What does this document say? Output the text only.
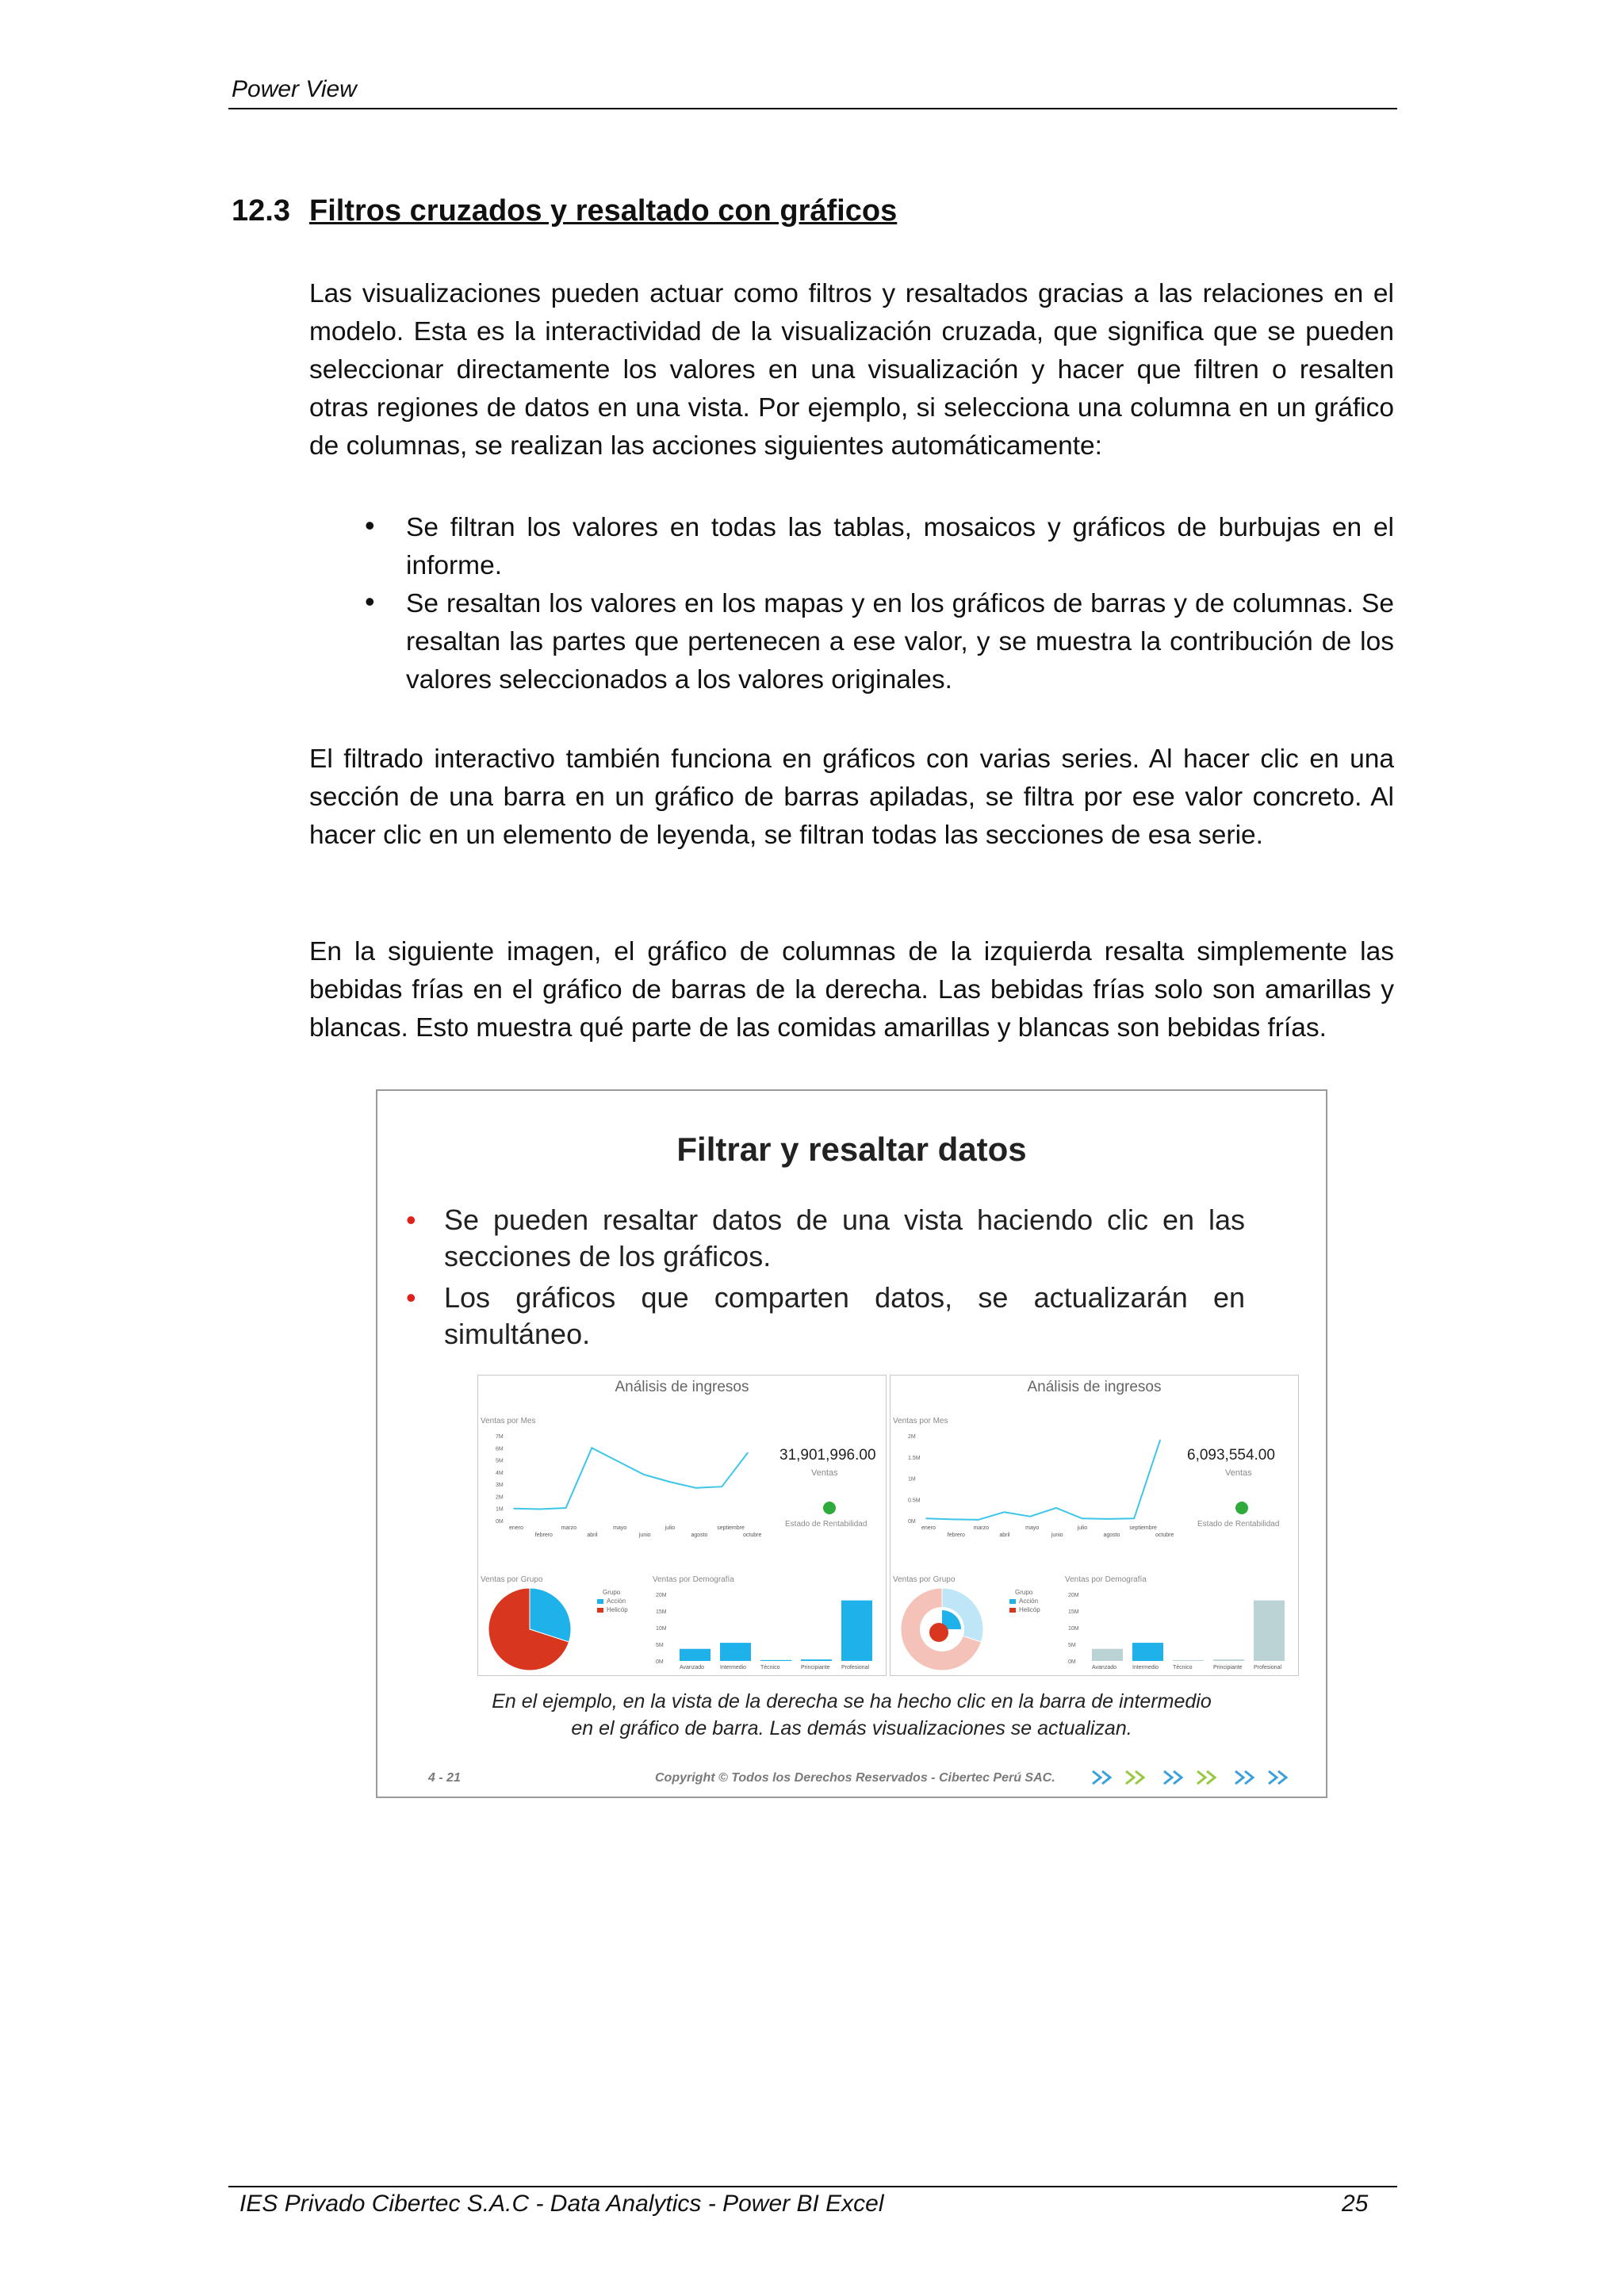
Power View
12.3 Filtros cruzados y resaltado con gráficos
Las visualizaciones pueden actuar como filtros y resaltados gracias a las relaciones en el modelo. Esta es la interactividad de la visualización cruzada, que significa que se pueden seleccionar directamente los valores en una visualización y hacer que filtren o resalten otras regiones de datos en una vista. Por ejemplo, si selecciona una columna en un gráfico de columnas, se realizan las acciones siguientes automáticamente:
• Se filtran los valores en todas las tablas, mosaicos y gráficos de burbujas en el informe.
• Se resaltan los valores en los mapas y en los gráficos de barras y de columnas. Se resaltan las partes que pertenecen a ese valor, y se muestra la contribución de los valores seleccionados a los valores originales.
El filtrado interactivo también funciona en gráficos con varias series. Al hacer clic en una sección de una barra en un gráfico de barras apiladas, se filtra por ese valor concreto. Al hacer clic en un elemento de leyenda, se filtran todas las secciones de esa serie.
En la siguiente imagen, el gráfico de columnas de la izquierda resalta simplemente las bebidas frías en el gráfico de barras de la derecha. Las bebidas frías solo son amarillas y blancas. Esto muestra qué parte de las comidas amarillas y blancas son bebidas frías.
Filtrar y resaltar datos
• Se pueden resaltar datos de una vista haciendo clic en las secciones de los gráficos.
• Los gráficos que comparten datos, se actualizarán en simultáneo.
Análisis de ingresos
Ventas por Mes
7M
6M
5M
4M
3M
2M
1M
0M
enero
febrero
marzo
abril
mayo
junio
julio
agosto
septiembre
octubre
31,901,996.00
Ventas
Estado de Rentabilidad
Ventas por Grupo
Grupo
Acción
Helicóp
Ventas por Demografía
20M
15M
10M
5M
0M
Avanzado	Intermedio	Técnico	Principiante Profesional
Análisis de ingresos
Ventas por Mes
2M
1.5M
1M
0.5M
0M
enero
febrero
marzo
abril
mayo
junio
julio
agosto
septiembre
octubre
6,093,554.00
Ventas
Estado de Rentabilidad
Ventas por Grupo
Grupo
Acción
Helicóp
Ventas por Demografía
20M
15M
10M
5M
0M
Avanzado	Intermedio	Técnico	Principiante Profesional
En el ejemplo, en la vista de la derecha se ha hecho clic en la barra de intermedio
en el gráfico de barra. Las demás visualizaciones se actualizan.
4 - 21	Copyright © Todos los Derechos Reservados - Cibertec Perú SAC.
IES Privado Cibertec S.A.C - Data Analytics - Power BI Excel	25
